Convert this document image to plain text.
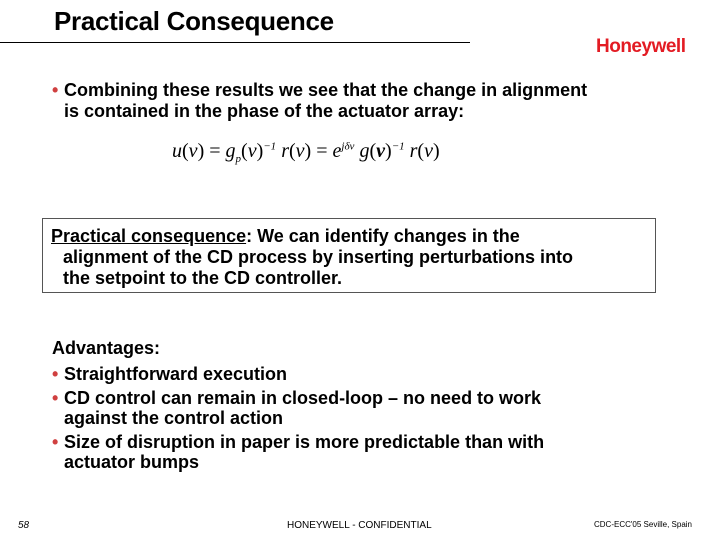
Practical Consequence
Honeywell
• Combining these results we see that the change in alignment
is contained in the phase of the actuator array:
$u(\nu) = g_p(\nu)^{-1}$ $r(\nu) = e^{j\delta\nu}$ $g(\nu)^{-1}$ r(ν)
Practical consequence: We can identify changes in the
alignment of the CD process by inserting perturbations into
the setpoint to the CD controller.
Advantages:
• Straightforward execution
• CD control can remain in closed-loop – no need to work
against the control action
• Size of disruption in paper is more predictable than with
actuator bumps
58	HONEYWELL - CONFIDENTIAL	CDC-ECC'05 Seville, Spain
